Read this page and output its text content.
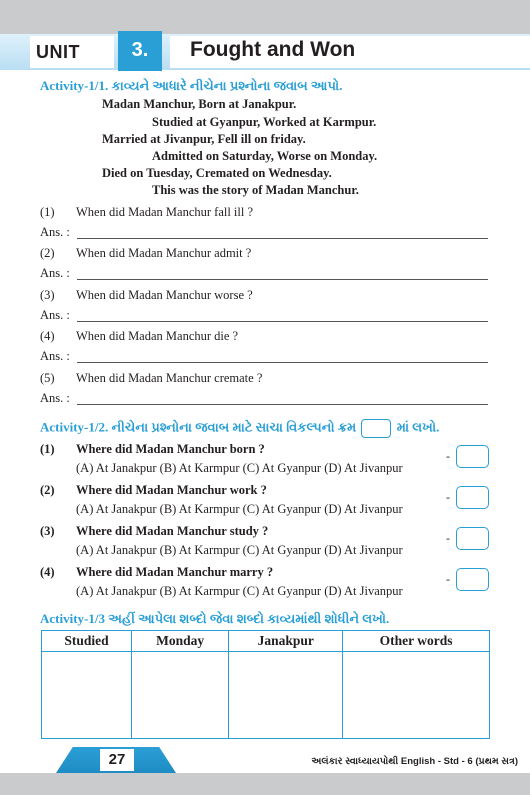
UNIT	3.	Fought and Won
Activity-1/1. કાવ્યને આધારે નીચેના પ્રશ્નોના જવાબ આપો.
Madan Manchur, Born at Janakpur.
Studied at Gyanpur, Worked at Karmpur.
Married at Jivanpur, Fell ill on friday.
Admitted on Saturday, Worse on Monday.
Died on Tuesday, Cremated on Wednesday.
This was the story of Madan Manchur.
(1) When did Madan Manchur fall ill ?
Ans. :
(2) When did Madan Manchur admit ?
Ans. :
(3) When did Madan Manchur worse ?
Ans. :
(4) When did Madan Manchur die ?
Ans. :
(5) When did Madan Manchur cremate ?
Ans. :
Activity-1/2. નીચેના પ્રશ્નોના જવાબ માટે સાચા વિકલ્પનો ક્રમ	માં લખો.
(1) Where did Madan Manchur born ?
(A) At Janakpur (B) At Karmpur (C) At Gyanpur (D) At Jivanpur
-
(2) Where did Madan Manchur work ?
(A) At Janakpur (B) At Karmpur (C) At Gyanpur (D) At Jivanpur
-
(3) Where did Madan Manchur study ?
(A) At Janakpur (B) At Karmpur (C) At Gyanpur (D) At Jivanpur
-
(4) Where did Madan Manchur marry ?
(A) At Janakpur (B) At Karmpur (C) At Gyanpur (D) At Jivanpur
-
Activity-1/3 અહીં આપેલા શબ્દો જેવા શબ્દો કાવ્યમાંથી શોધીને લખો.
Studied	Monday	Janakpur	Other words

27	અલંકાર સ્વાધ્યાયપોથી English - Std - 6 (પ્રથમ સત્ર)
